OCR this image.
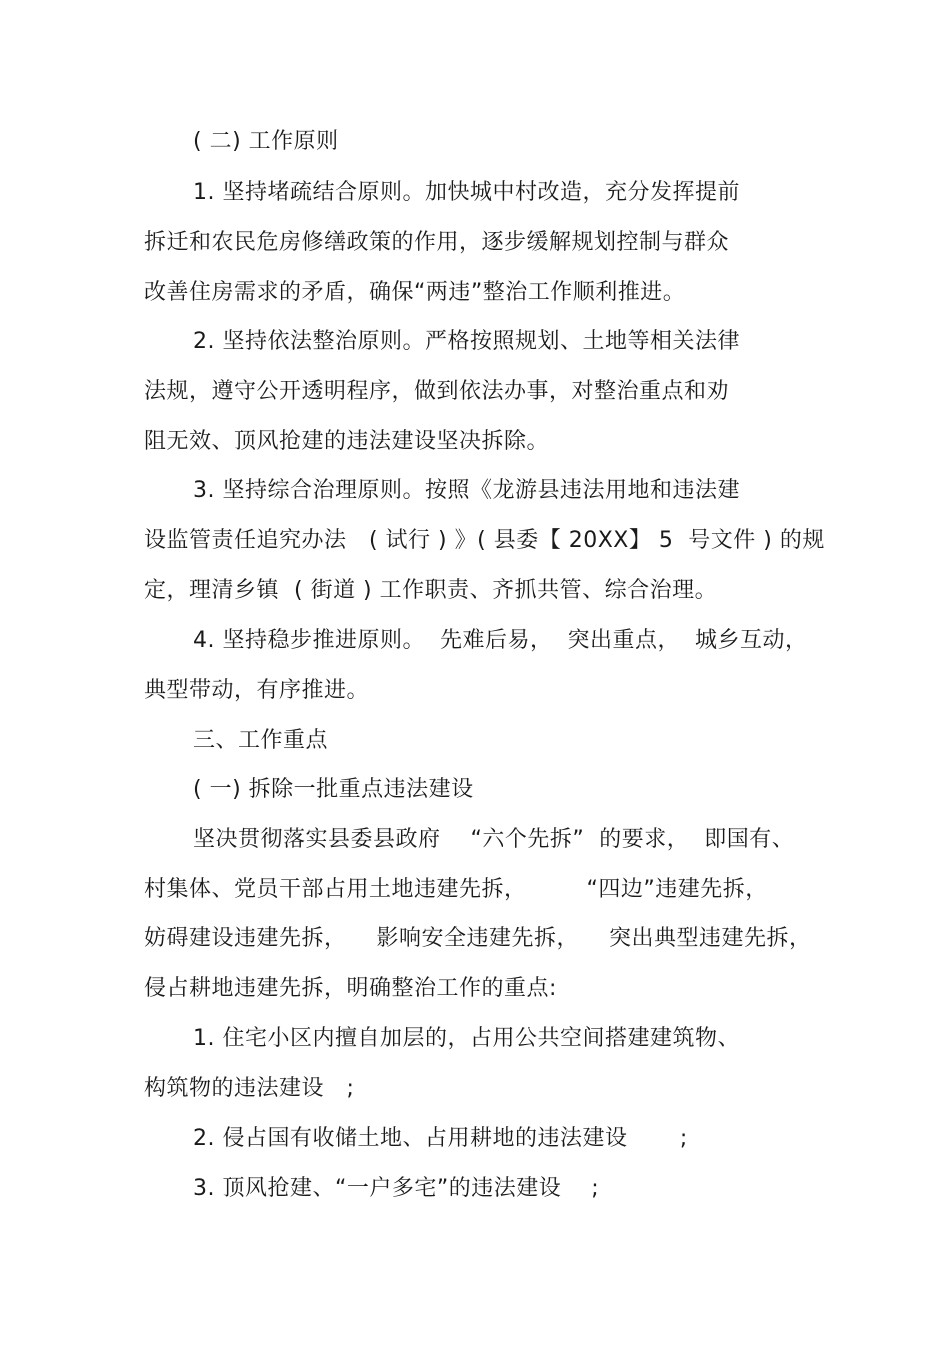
( 二) 工作原则
1. 坚持堵疏结合原则。加快城中村改造，充分发挥提前
拆迁和农民危房修缮政策的作用，逐步缓解规划控制与群众
改善住房需求的矛盾，确保“两违”整治工作顺利推进。
2. 坚持依法整治原则。严格按照规划、土地等相关法律
法规，遵守公开透明程序，做到依法办事，对整治重点和劝
阻无效、顶风抢建的违法建设坚决拆除。
3. 坚持综合治理原则。按照《龙游县违法用地和违法建
设监管责任追究办法   ( 试行 ) 》( 县委【 20XX】 5  号文件 ) 的规
定，理清乡镇  ( 街道 ) 工作职责、齐抓共管、综合治理。
4. 坚持稳步推进原则。  先难后易，  突出重点，  城乡互动，
典型带动，有序推进。
三、工作重点
( 一) 拆除一批重点违法建设
坚决贯彻落实县委县政府    “六个先拆”  的要求，  即国有、
村集体、党员干部占用土地违建先拆，        “四边”违建先拆，
妨碍建设违建先拆，    影响安全违建先拆，    突出典型违建先拆，
侵占耕地违建先拆，明确整治工作的重点:
1. 住宅小区内擅自加层的，占用公共空间搭建建筑物、
构筑物的违法建设   ;
2. 侵占国有收储土地、占用耕地的违法建设       ;
3. 顶风抢建、“一户多宅”的违法建设    ;
